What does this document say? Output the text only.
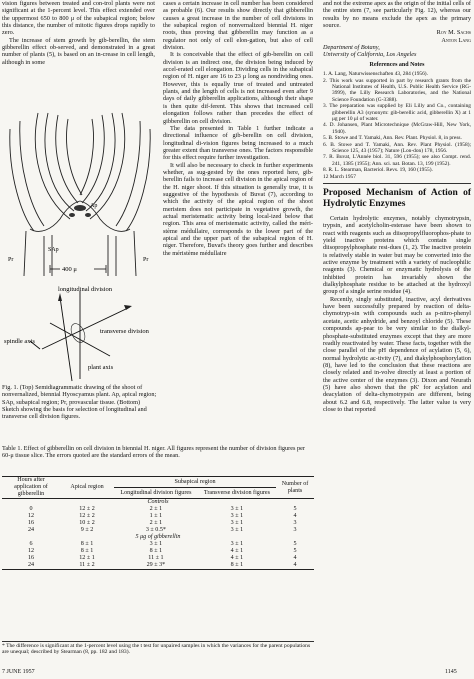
vision figures between treated and con-trol plants were not significant at the 1-percent level. This effect extended over the uppermost 650 to 800 μ of the subapical region; below this distance, the number of mitotic figures drops rapidly to zero.

The increase of stem growth by gib-berellin, the stem gibberellin effect ob-served, and demonstrated in a great number of plants (5), is based on an in-crease in cell length, although in some

SAp
Ap
Pr	Pr
400 μ
longitudinal division
spindle axis
transverse division
plant axis
Fig. 1. (Top) Semidiagrammatic drawing of the shoot of nonvernalized, biennial Hyoscyamus plant. Ap, apical region; SAp, subapical region; Pr, provascular tissue. (Bottom) Sketch showing the basis for selection of longitudinal and transverse cell division figures.

cases a certain increase in cell number has been considered as probable (6). Our results show directly that gibberellin causes a great increase in the number of cell divisions in the subapical region of nonvernalized biennial H. niger roots, thus proving that gibberellin may function as a regulator not only of cell elon-gation, but also of cell division.

It is conceivable that the effect of gib-berellin on cell division is an indirect one, the division being induced by accel-erated cell elongation. Dividing cells in the subapical region of H. niger are 16 to 23 μ long as nondividing ones. However, this is equally true of treated and untreated plants, and the length of cells is not increased even after 9 days of daily gibberellin applications, although their shape is then quite dif-ferent. This shows that increased cell elongation follows rather than precedes the effect of gibberellin on cell division.

The data presented in Table 1 further indicate a directional influence of gib-berellin on cell division, longitudinal di-vision figures being increased to a much greater extent than transverse ones. The factors responsible for this effect require further investigation.

It will also be necessary to check in further experiments whether, as sug-gested by the ones reported here, gib-berellin fails to increase cell division in the apical region of the H. niger shoot. If this situation is generally true, it is suggestive of the hypothesis of Buvat (7), according to which the activity of the apical region of the shoot meristem does not participate in vegetative growth, the actual meristematic activity being local-ized below that region. This area of meristematic activity, called the méri-stème médullaire, corresponds to the lower part of the apical and the upper part of the subapical region of H. niger. Therefore, Buvat's theory goes further and describes the méristème médullaire

and not the extreme apex as the origin of the initial cells of the entire stem (7, see particularly Fig. 12), whereas our results by no means exclude the apex as the primary source.

Roy M. Sachs
Anton Lang
Department of Botany,
University of California, Los Angeles
References and Notes
1. A. Lang, Naturwissenschaften 43, 284 (1956).
2. This work was supported in part by research grants from the National Institutes of Health, U.S. Public Health Service (RG-3999), the Lilly Research Laboratories, and the National Science Foundation (G-3388).
3. The preparation was supplied by Eli Lilly and Co., containing gibberellin A3 (synonym: gib-berellic acid, gibberellin X) at 1 μg per 10 μl of water.
4. D. Johansen, Plant Microtechnique (McGraw-Hill, New York, 1940).
5. B. Stowe and T. Yamaki, Ann. Rev. Plant. Physiol. 8, in press.
6. B. Stowe and T. Yamaki, Ann. Rev. Plant Physiol. (1958); Science 125, 43 (1957); Nature (Lon-don) 178, 1956.
7. R. Buvat, L'Année biol. 31, 596 (1955); see also Compt. rend. 241, 1385 (1955); Ann. sci. nat. Botan. 13, 199 (1952).
8. R. L. Stearman, Bacteriol. Revs. 19, 160 (1955).
12 March 1957
Proposed Mechanism of Action of Hydrolytic Enzymes

Certain hydrolytic enzymes, notably chymotrypsin, trypsin, and acetylcholin-esterase have been shown to react with reagents such as diisopropylfluorophos-phate to yield inactive proteins which contain single diisopropylphosphate resi-dues (1, 2). The inactive protein is relatively stable in water but may be converted into the active enzyme by treatment with a variety of nucleophilic reagents (3). Chemical or enzymatic hydrolysis of the inhibited protein has invariably shown the dialkylphosphate residue to be attached at the hydroxyl group of a single serine residue (4).

Recently, singly substituted, inactive, acyl derivatives have been successfully prepared by reaction of delta-chymotryp-sin with compounds such as p-nitro-phenyl acetate, acetic anhydride, and benzoyl chloride (5). These compounds ap-pear to be very similar to the dialkyl-phosphate-substituted enzymes except that they are more readily reactivated by water. These facts, together with the close parallel of the pH dependence of acylation (5, 6), normal hydrolytic ac-tivity (7), and diakylphosphorylation (8), have led to the conclusion that these reactions are closely related and in-volve directly at least a portion of the active center of the enzymes (3). Dixon and Neurath (5) have also shown that the pK' for acylation and deacylation of delta-chymotrypsin are different, being about 6.2 and 6.8, respectively. The latter value is very close to that reported

Table 1. Effect of gibberellin on cell division in biennial H. niger. All figures represent the number of division figures per 60-μ tissue slice. The errors quoted are the standard errors of the mean.
Hours after application of gibberellin	Apical region	Subapical region		Number of plants
		Longitudinal division figures	Transverse division figures	
Controls				
0	12 ± 2	2 ± 1	3 ± 1	5
12	12 ± 2	1 ± 1	3 ± 1	4
16	10 ± 2	2 ± 1	3 ± 1	3
24	9 ± 2	3 ± 0.5*	3 ± 1	3
5 μg of gibberellin				
6	8 ± 1	3 ± 1	3 ± 1	5
12	8 ± 1	8 ± 1	4 ± 1	5
16	12 ± 1	11 ± 1	4 ± 1	4
24	11 ± 2	29 ± 3*	8 ± 1	4
* The difference is significant at the 1-percent level using the t test for unpaired samples in which the variances for the parent populations are unequal; described by Stearman (8, pp. 182 and 183).
7 JUNE 1957	1145
